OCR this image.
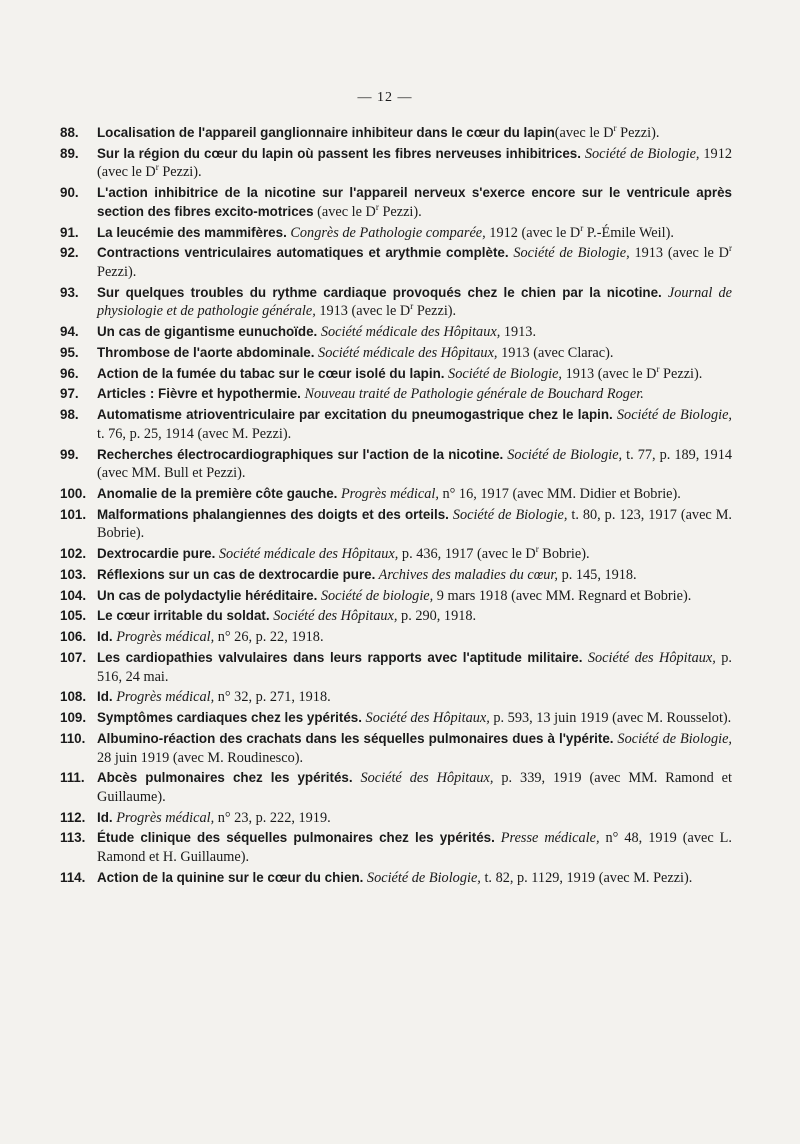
— 12 —
88. Localisation de l'appareil ganglionnaire inhibiteur dans le cœur du lapin(avec le $D^r$ Pezzi).
89. Sur la région du cœur du lapin où passent les fibres nerveuses inhibitrices. Société de Biologie, 1912 (avec le $D^r$ Pezzi).
90. L'action inhibitrice de la nicotine sur l'appareil nerveux s'exerce encore sur le ventricule après section des fibres excito-motrices (avec le $D^r$ Pezzi).
91. La leucémie des mammifères. Congrès de Pathologie comparée, 1912 (avec le $D^r$ P.-Émile Weil).
92. Contractions ventriculaires automatiques et arythmie complète. Société de Biologie, 1913 (avec le $D^r$ Pezzi).
93. Sur quelques troubles du rythme cardiaque provoqués chez le chien par la nicotine. Journal de physiologie et de pathologie générale, 1913 (avec le $D^r$ Pezzi).
94. Un cas de gigantisme eunuchoïde. Société médicale des Hôpitaux, 1913.
95. Thrombose de l'aorte abdominale. Société médicale des Hôpitaux, 1913 (avec Clarac).
96. Action de la fumée du tabac sur le cœur isolé du lapin. Société de Biologie, 1913 (avec le $D^r$ Pezzi).
97. Articles : Fièvre et hypothermie. Nouveau traité de Pathologie générale de Bouchard Roger.
98. Automatisme atrioventriculaire par excitation du pneumogastrique chez le lapin. Société de Biologie, t. 76, p. 25, 1914 (avec M. Pezzi).
99. Recherches électrocardiographiques sur l'action de la nicotine. Société de Biologie, t. 77, p. 189, 1914 (avec MM. Bull et Pezzi).
100. Anomalie de la première côte gauche. Progrès médical, n° 16, 1917 (avec MM. Didier et Bobrie).
101. Malformations phalangiennes des doigts et des orteils. Société de Biologie, t. 80, p. 123, 1917 (avec M. Bobrie).
102. Dextrocardie pure. Société médicale des Hôpitaux, p. 436, 1917 (avec le $D^r$ Bobrie).
103. Réflexions sur un cas de dextrocardie pure. Archives des maladies du cœur, p. 145, 1918.
104. Un cas de polydactylie héréditaire. Société de biologie, 9 mars 1918 (avec MM. Regnard et Bobrie).
105. Le cœur irritable du soldat. Société des Hôpitaux, p. 290, 1918.
106. Id. Progrès médical, n° 26, p. 22, 1918.
107. Les cardiopathies valvulaires dans leurs rapports avec l'aptitude militaire. Société des Hôpitaux, p. 516, 24 mai.
108. Id. Progrès médical, n° 32, p. 271, 1918.
109. Symptômes cardiaques chez les ypérités. Société des Hôpitaux, p. 593, 13 juin 1919 (avec M. Rousselot).
110. Albumino-réaction des crachats dans les séquelles pulmonaires dues à l'ypérite. Société de Biologie, 28 juin 1919 (avec M. Roudinesco).
111. Abcès pulmonaires chez les ypérités. Société des Hôpitaux, p. 339, 1919 (avec MM. Ramond et Guillaume).
112. Id. Progrès médical, n° 23, p. 222, 1919.
113. Étude clinique des séquelles pulmonaires chez les ypérités. Presse médicale, n° 48, 1919 (avec L. Ramond et H. Guillaume).
114. Action de la quinine sur le cœur du chien. Société de Biologie, t. 82, p. 1129, 1919 (avec M. Pezzi).
